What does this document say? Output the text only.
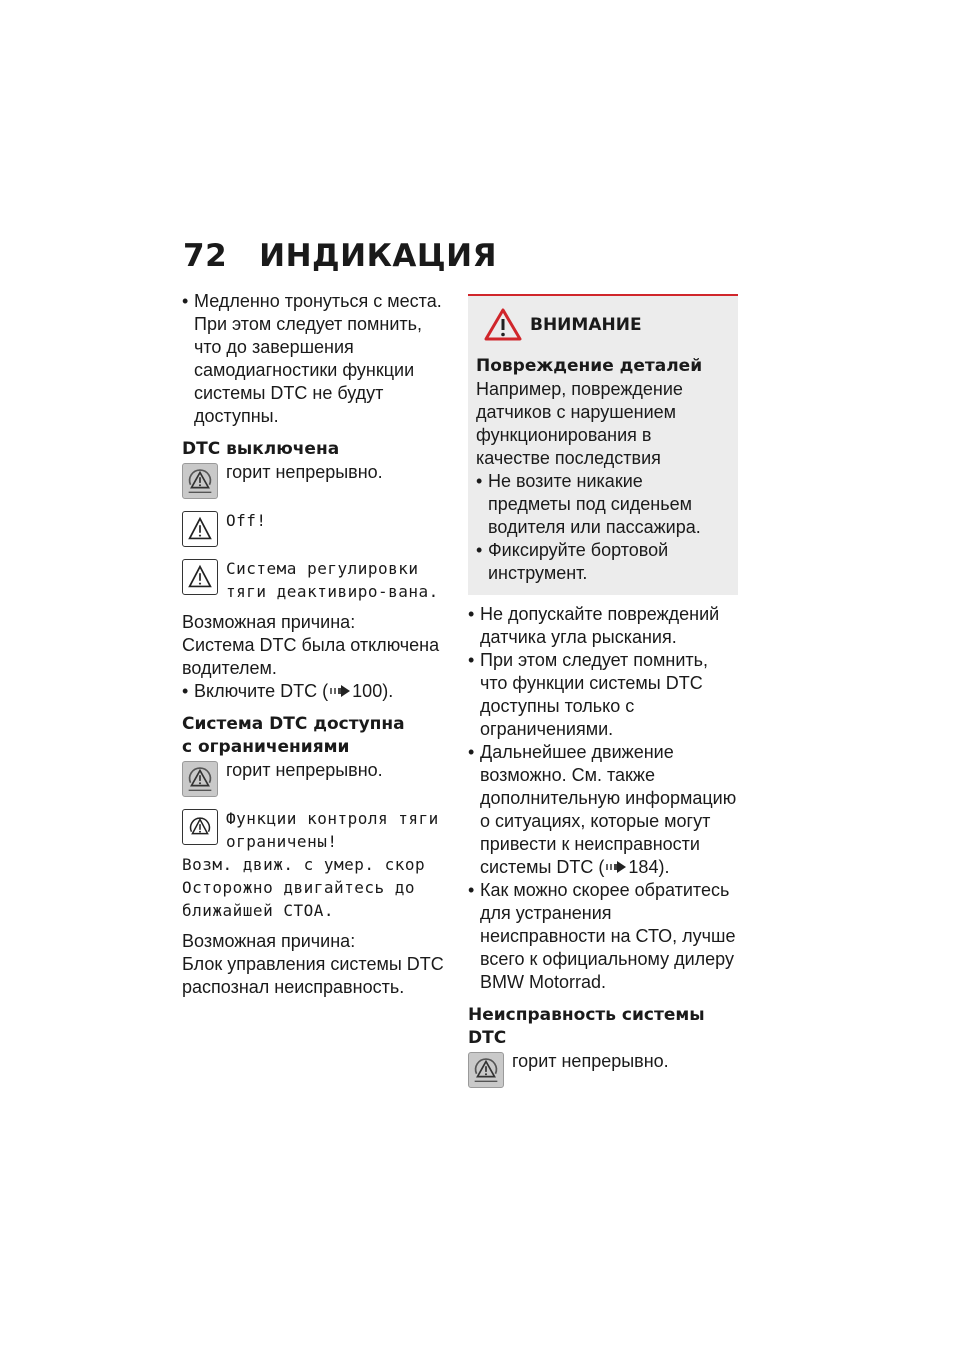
72 ИНДИКАЦИЯ

• Медленно тронуться с места. При этом следует помнить, что до завершения самодиагностики функции системы DTC не будут доступны.

DTC выключена

горит непрерывно.

Off!

Система регулировки тяги деактивиро-вана.

Возможная причина:

Система DTC была отключена водителем.

• Включите DTC ( 100).

Система DTC доступна

с ограничениями

горит непрерывно.

Функции контроля тяги ограничены!

Возм. движ. с умер. скор

Осторожно двигайтесь до ближайшей СТОА.

Возможная причина:

Блок управления системы DTC распознал неисправность.

ВНИМАНИЕ

Повреждение деталей

Например, повреждение датчиков с нарушением функционирования в качестве последствия

• Не возите никакие предметы под сиденьем водителя или пассажира.

• Фиксируйте бортовой инструмент.

• Не допускайте повреждений датчика угла рыскания.

• При этом следует помнить, что функции системы DTC доступны только с ограничениями.

• Дальнейшее движение возможно. См. также дополнительную информацию о ситуациях, которые могут привести к неисправности системы DTC ( 184).

• Как можно скорее обратитесь для устранения неисправности на СТО, лучше всего к официальному дилеру BMW Motorrad.

Неисправность системы

DTC

горит непрерывно.
